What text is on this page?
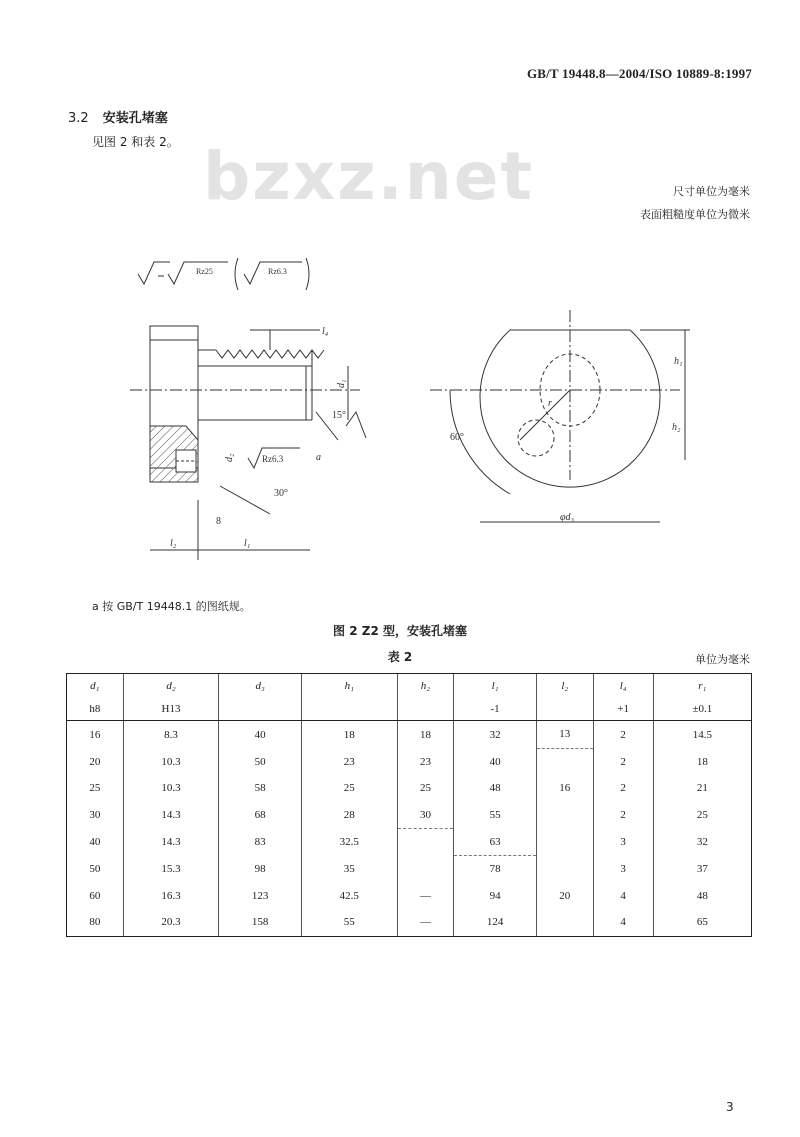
GB/T 19448.8—2004/ISO 10889-8:1997
bzxz.net
3.2 安装孔堵塞
见图 2 和表 2。
尺寸单位为毫米
表面粗糙度单位为微米
Rz25	Rz6.3
l₄
d₁
15°
Rz6.3
d₂
30°
8
l₂	l₁
a
r
h₁
h₂
60°
φd₃
a 按 GB/T 19448.1 的图纸规。
图 2 Z2 型，安装孔堵塞
表 2	单位为毫米
d₁	d₂	d₃	h₁	h₂	l₁	l₂	l₄	r₁
h8	H13				-1		+1	±0.1
16	8.3	40	18	18	32	13	2	14.5
20	10.3	50	23	23	40		2	18
25	10.3	58	25	25	48	16	2	21
30	14.3	68	28	30	55		2	25
40	14.3	83	32.5		63		3	32
50	15.3	98	35		78		3	37
60	16.3	123	42.5	—	94	20	4	48
80	20.3	158	55	—	124		4	65
3
